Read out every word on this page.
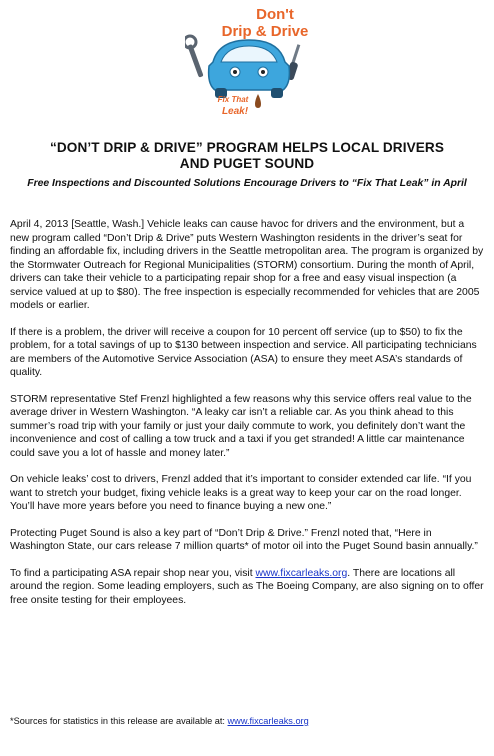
Don't
Drip & Drive
Fix That
Leak!
“DON’T DRIP & DRIVE” PROGRAM HELPS LOCAL DRIVERS
AND PUGET SOUND
Free Inspections and Discounted Solutions Encourage Drivers to “Fix That Leak” in April

April 4, 2013 [Seattle, Wash.] Vehicle leaks can cause havoc for drivers and the environment, but a new program called “Don’t Drip & Drive” puts Western Washington residents in the driver’s seat for finding an affordable fix, including drivers in the Seattle metropolitan area. The program is organized by the Stormwater Outreach for Regional Municipalities (STORM) consortium. During the month of April, drivers can take their vehicle to a participating repair shop for a free and easy visual inspection (a service valued at up to $80). The free inspection is especially recommended for vehicles that are 2005 models or earlier.

If there is a problem, the driver will receive a coupon for 10 percent off service (up to $50) to fix the problem, for a total savings of up to $130 between inspection and service. All participating technicians are members of the Automotive Service Association (ASA) to ensure they meet ASA’s standards of quality.

STORM representative Stef Frenzl highlighted a few reasons why this service offers real value to the average driver in Western Washington. “A leaky car isn’t a reliable car. As you think ahead to this summer’s road trip with your family or just your daily commute to work, you definitely don’t want the inconvenience and cost of calling a tow truck and a taxi if you get stranded! A little car maintenance could save you a lot of hassle and money later.”

On vehicle leaks’ cost to drivers, Frenzl added that it’s important to consider extended car life. “If you want to stretch your budget, fixing vehicle leaks is a great way to keep your car on the road longer. You’ll have more years before you need to finance buying a new one.”

Protecting Puget Sound is also a key part of “Don’t Drip & Drive.” Frenzl noted that, “Here in Washington State, our cars release 7 million quarts* of motor oil into the Puget Sound basin annually.”

To find a participating ASA repair shop near you, visit www.fixcarleaks.org. There are locations all around the region. Some leading employers, such as The Boeing Company, are also signing on to offer free onsite testing for their employees.

*Sources for statistics in this release are available at: www.fixcarleaks.org
